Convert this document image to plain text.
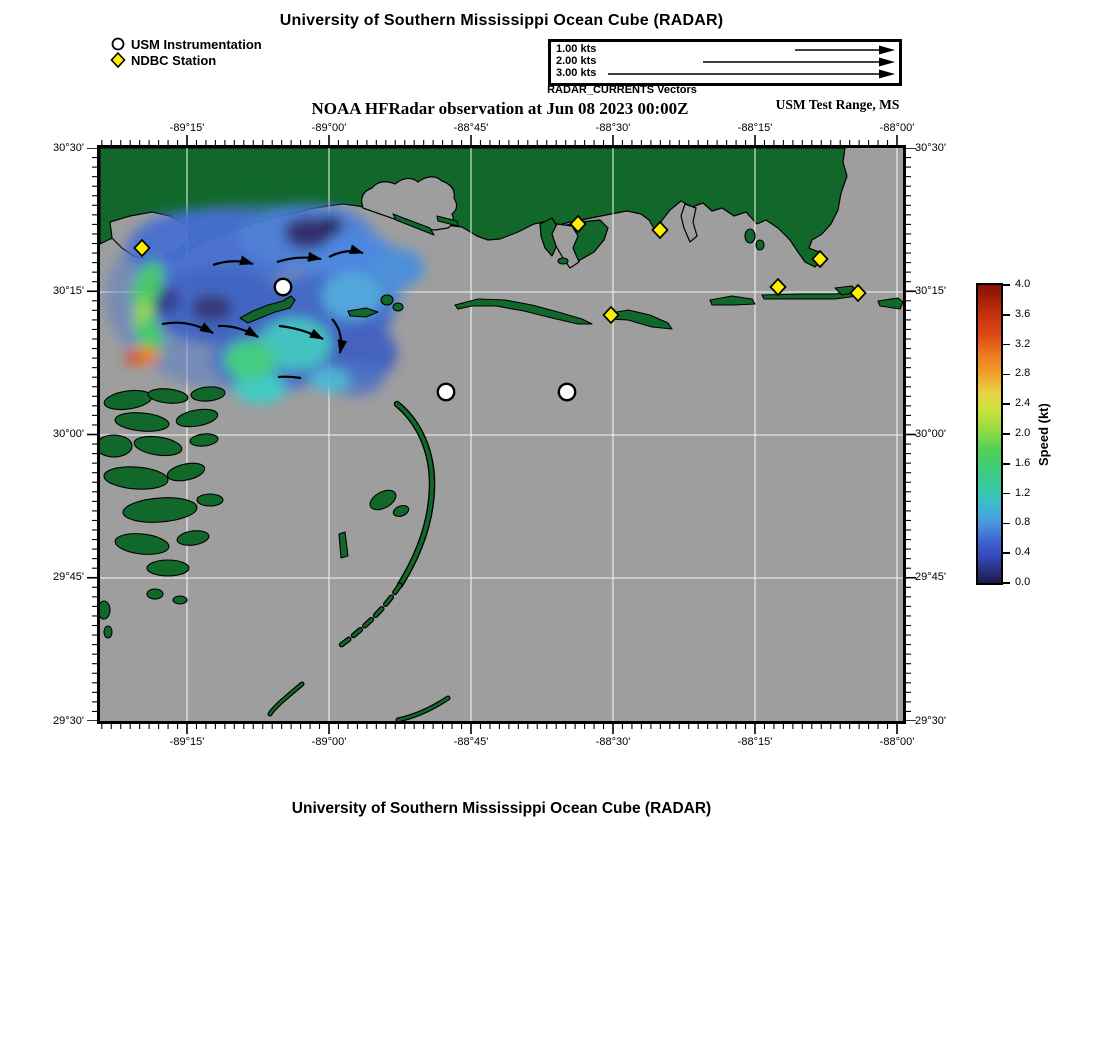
University of Southern Mississippi Ocean Cube (RADAR)
USM Instrumentation
NDBC Station
1.00 kts
2.00 kts
3.00 kts
RADAR_CURRENTS Vectors
NOAA HFRadar observation at Jun 08 2023 00:00Z	USM Test Range, MS
Speed (kt)
University of Southern Mississippi Ocean Cube (RADAR)
-89°15'
-89°15'
-89°00'
-89°00'
-88°45'
-88°45'
-88°30'
-88°30'
-88°15'
-88°15'
-88°00'
-88°00'
30°30'	30°30'
30°15'	30°15'
30°00'	30°00'
29°45'	29°45'
29°30'	29°30'
4.0
3.6
3.2
2.8
2.4
2.0
1.6
1.2
0.8
0.4
0.0
